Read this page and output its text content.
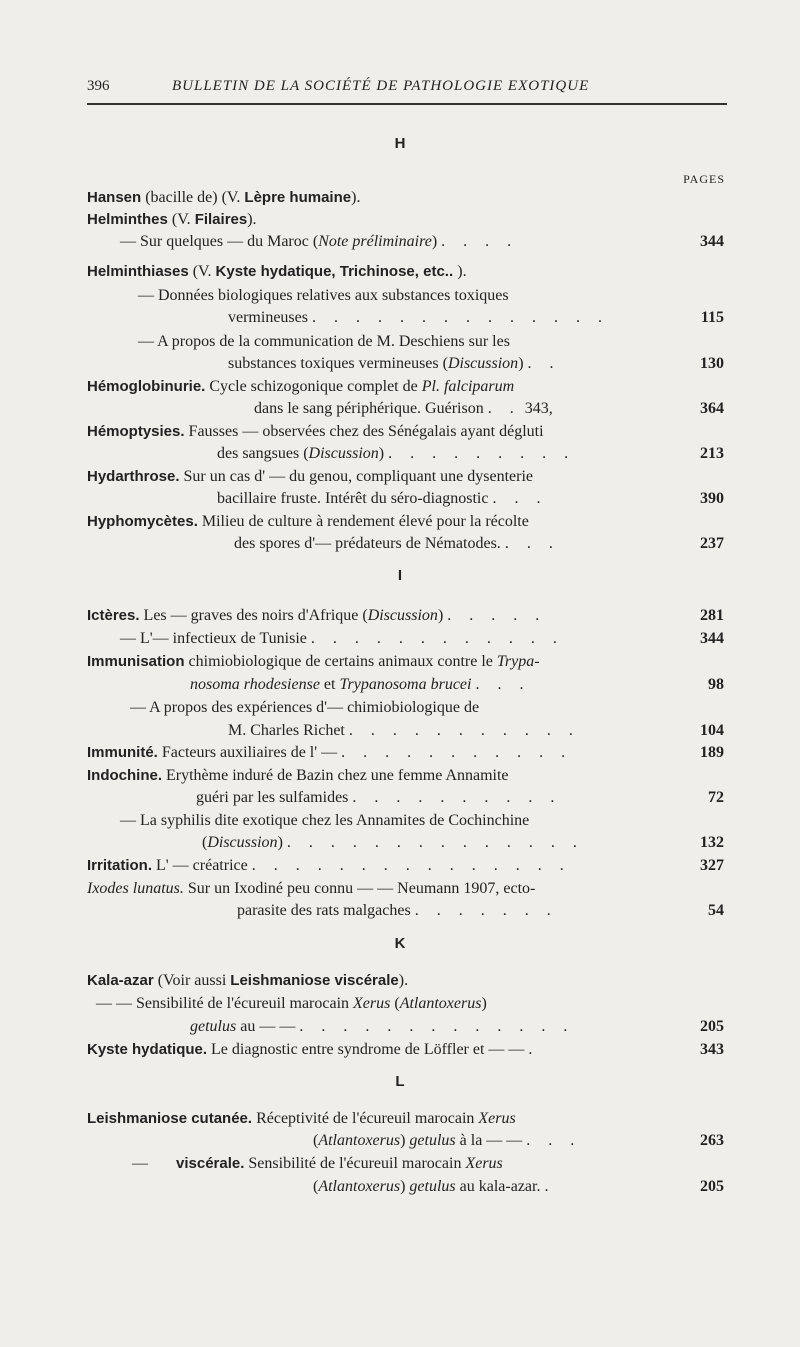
396	BULLETIN DE LA SOCIÉTÉ DE PATHOLOGIE EXOTIQUE
H
PAGES
Hansen (bacille de) (V. Lèpre humaine).
Helminthes (V. Filaires).
— Sur quelques — du Maroc (Note préliminaire) . . . .	344
Helminthiases (V. Kyste hydatique, Trichinose, etc.. ).
— Données biologiques relatives aux substances toxiques
vermineuses . . . . . . . . . . . . . .	115
— A propos de la communication de M. Deschiens sur les
substances toxiques vermineuses (Discussion) . .	130
Hémoglobinurie. Cycle schizogonique complet de Pl. falciparum
dans le sang périphérique. Guérison . . 343,	364
Hémoptysies. Fausses — observées chez des Sénégalais ayant dégluti
des sangsues (Discussion) . . . . . . . . .	213
Hydarthrose. Sur un cas d' — du genou, compliquant une dysenterie
bacillaire fruste. Intérêt du séro-diagnostic . . .	390
Hyphomycètes. Milieu de culture à rendement élevé pour la récolte
des spores d'— prédateurs de Nématodes. . . .	237
I
Ictères. Les — graves des noirs d'Afrique (Discussion) . . . . .	281
— L'— infectieux de Tunisie . . . . . . . . . . . .	344
Immunisation chimiobiologique de certains animaux contre le Trypa-
nosoma rhodesiense et Trypanosoma brucei . . .	98
— A propos des expériences d'— chimiobiologique de
M. Charles Richet . . . . . . . . . . .	104
Immunité. Facteurs auxiliaires de l' — . . . . . . . . . . .	189
Indochine. Erythème induré de Bazin chez une femme Annamite
guéri par les sulfamides . . . . . . . . . .	72
— La syphilis dite exotique chez les Annamites de Cochinchine
(Discussion) . . . . . . . . . . . . . .	132
Irritation. L' — créatrice . . . . . . . . . . . . . . .	327
Ixodes lunatus. Sur un Ixodiné peu connu — — Neumann 1907, ecto-
parasite des rats malgaches . . . . . . .	54
K
Kala-azar (Voir aussi Leishmaniose viscérale).
— — Sensibilité de l'écureuil marocain Xerus (Atlantoxerus)
getulus au — — . . . . . . . . . . . . .	205
Kyste hydatique. Le diagnostic entre syndrome de Löffler et — — .	343
L
Leishmaniose cutanée. Réceptivité de l'écureuil marocain Xerus
(Atlantoxerus) getulus à la — — . . .	263
— viscérale. Sensibilité de l'écureuil marocain Xerus
(Atlantoxerus) getulus au kala-azar. .	205
